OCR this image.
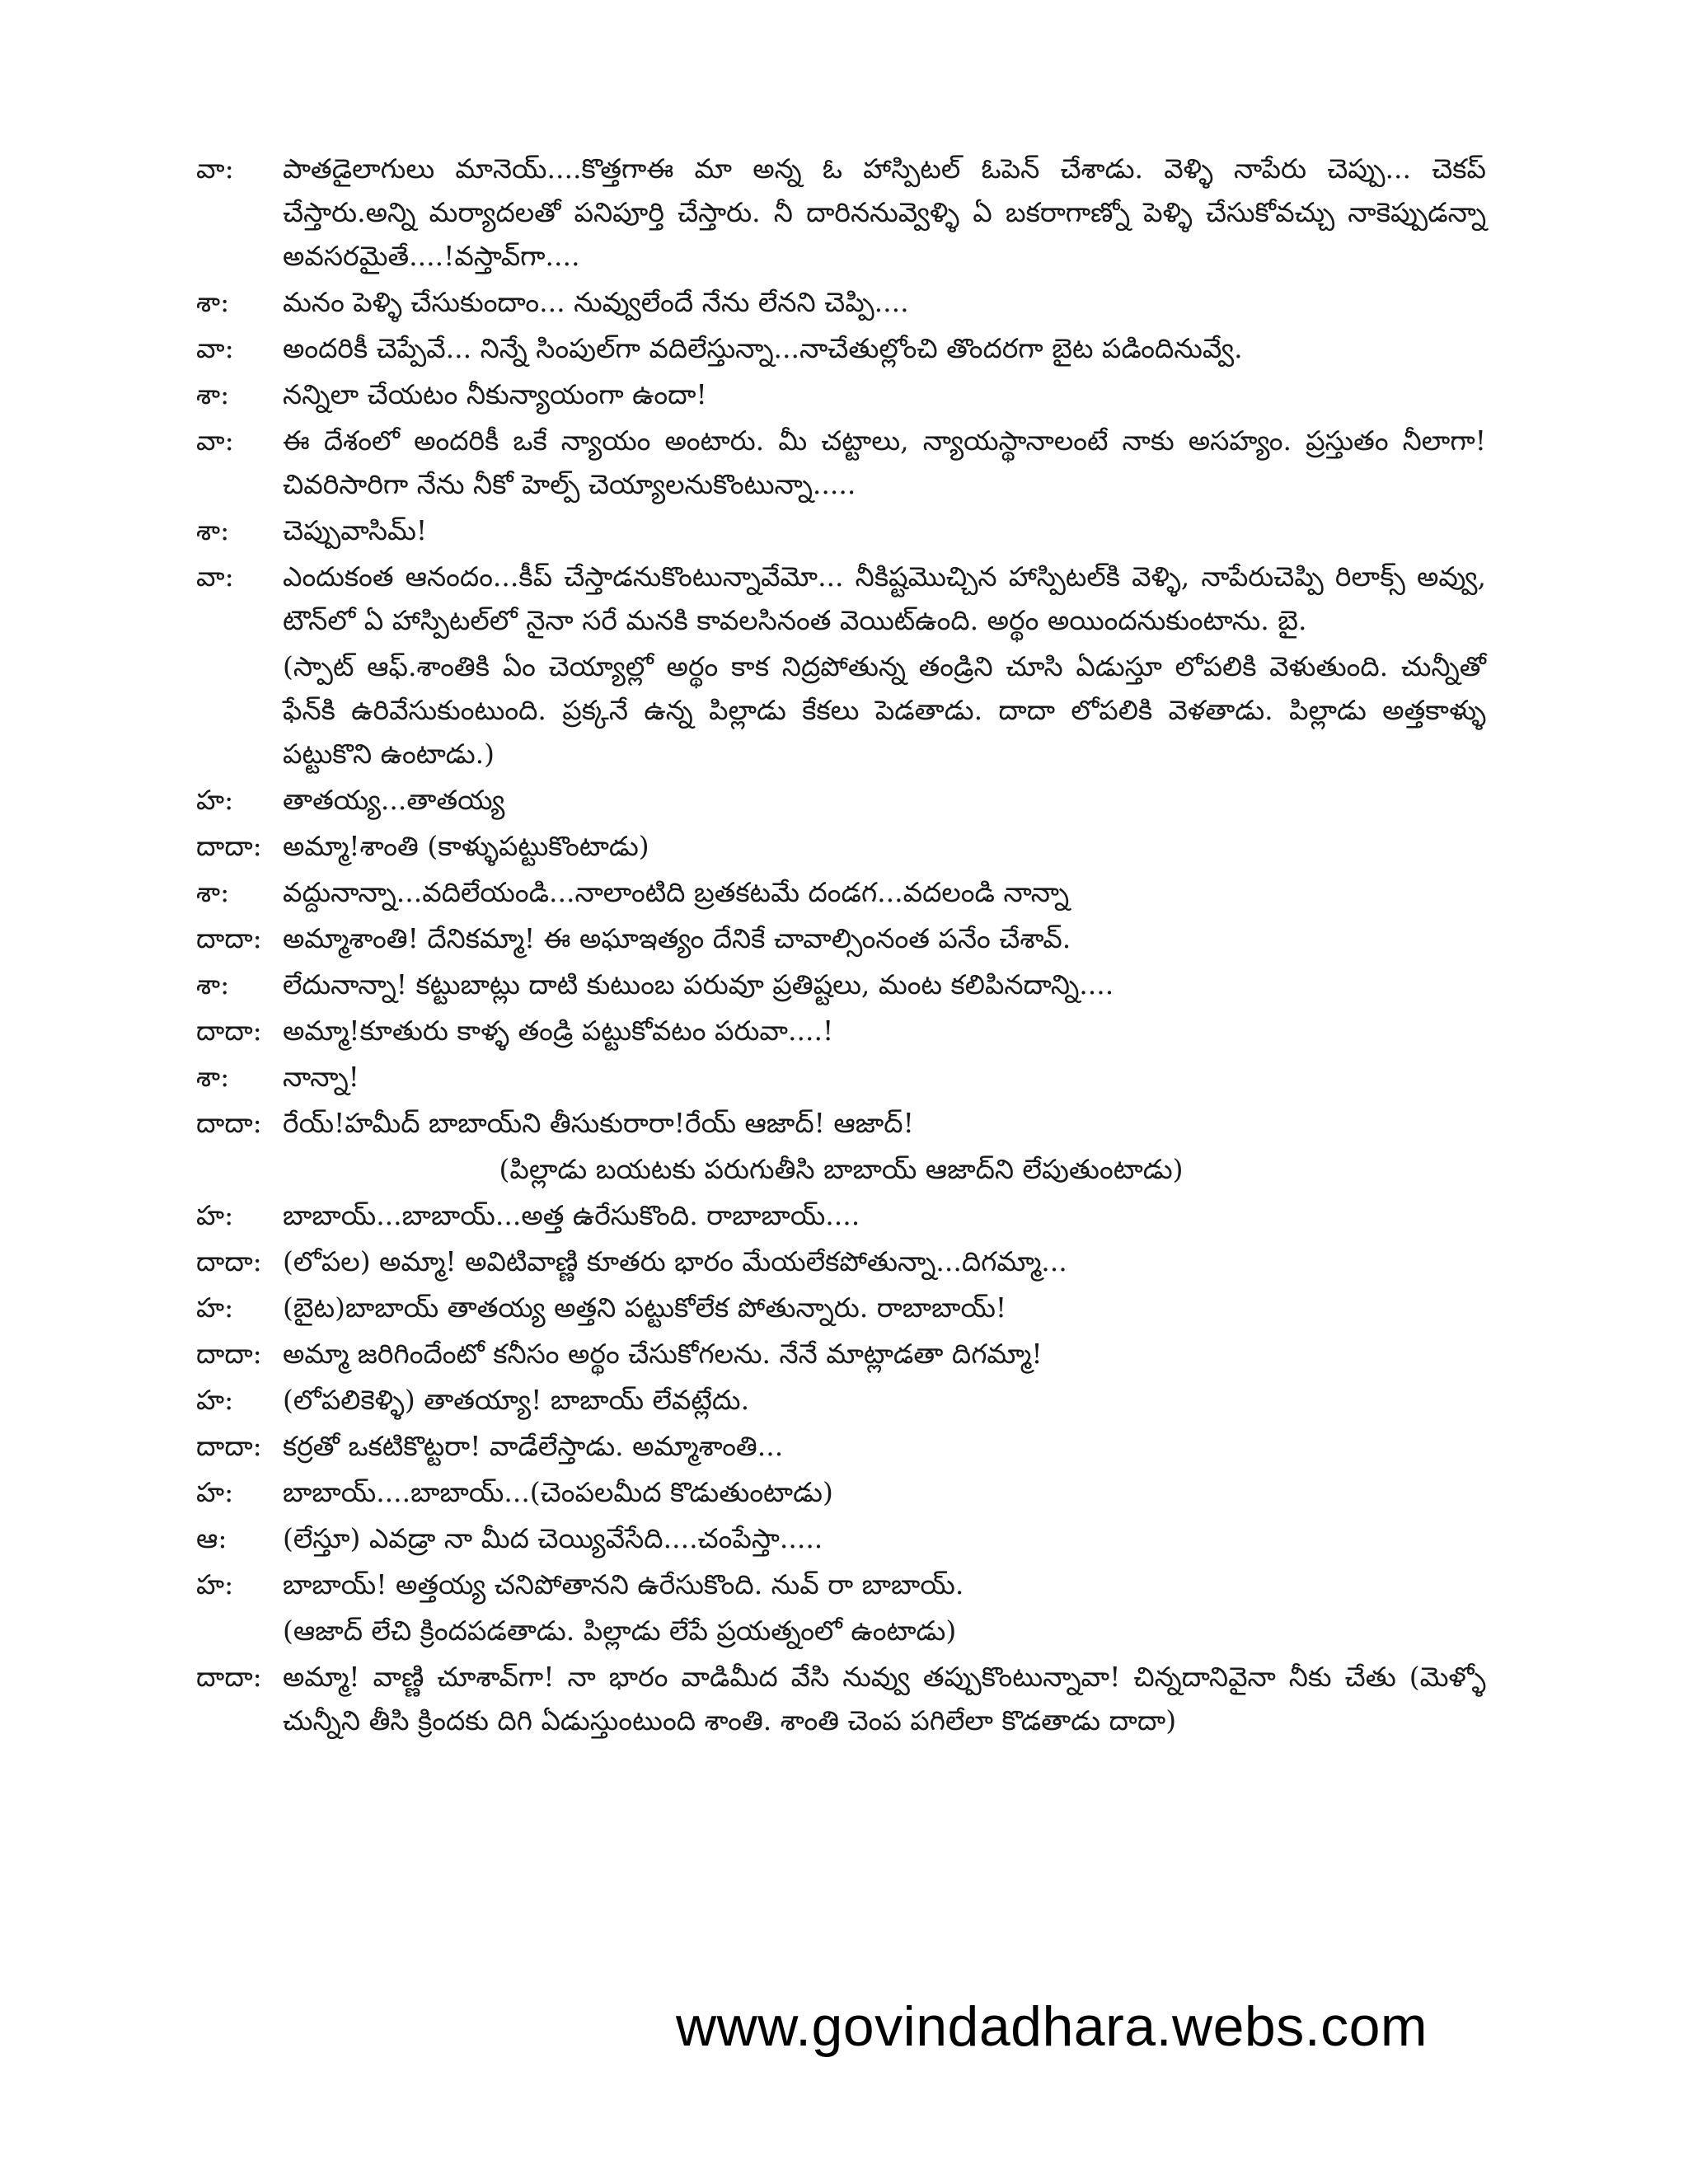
వా:	పాతడైలాగులు మానెయ్....కొత్తగాఈ మా అన్న ఓ హాస్పిటల్ ఓపెన్ చేశాడు. వెళ్ళి నాపేరు చెప్పు... చెకప్ చేస్తారు.అన్ని మర్యాదలతో పనిపూర్తి చేస్తారు. నీ దారిననువ్వెళ్ళి ఏ బకరాగాణ్నో పెళ్ళి చేసుకోవచ్చు నాకెప్పుడన్నా అవసరమైతే....!వస్తావ్‌గా....
శా:	మనం పెళ్ళి చేసుకుందాం... నువ్వులేందే నేను లేనని చెప్పి....
వా:	అందరికీ చెప్పేవే... నిన్నే సింపుల్‌గా వదిలేస్తున్నా...నాచేతుల్లోంచి తొందరగా బైట పడిందినువ్వే.
శా:	నన్నిలా చేయటం నీకున్యాయంగా ఉందా!
వా:	ఈ దేశంలో అందరికీ ఒకే న్యాయం అంటారు. మీ చట్టాలు, న్యాయస్థానాలంటే నాకు అసహ్యం. ప్రస్తుతం నీలాగా! చివరిసారిగా నేను నీకో హెల్ప్ చెయ్యాలనుకొంటున్నా.....
శా:	చెప్పువాసిమ్!
వా:	ఎందుకంత ఆనందం...కీప్ చేస్తాడనుకొంటున్నావేమో... నీకిష్టమొచ్చిన హాస్పిటల్‌కి వెళ్ళి, నాపేరుచెప్పి రిలాక్స్ అవ్వు, టౌన్‌లో ఏ హాస్పిటల్‌లో నైనా సరే మనకి కావలసినంత వెయిట్‌ఉంది. అర్థం అయిందనుకుంటాను. బై.
(స్పాట్ ఆఫ్.శాంతికి ఏం చెయ్యాల్లో అర్థం కాక నిద్రపోతున్న తండ్రిని చూసి ఏడుస్తూ లోపలికి వెళుతుంది. చున్నీతో ఫేన్‌కి ఉరివేసుకుంటుంది. ప్రక్కనే ఉన్న పిల్లాడు కేకలు పెడతాడు. దాదా లోపలికి వెళతాడు. పిల్లాడు అత్తకాళ్ళు పట్టుకొని ఉంటాడు.)
హ:	తాతయ్య...తాతయ్య
దాదా: అమ్మా!శాంతి (కాళ్ళుపట్టుకొంటాడు)
శా:	వద్దునాన్నా...వదిలేయండి...నాలాంటిది బ్రతకటమే దండగ...వదలండి నాన్నా
దాదా: అమ్మాశాంతి! దేనికమ్మా! ఈ అఘాఇత్యం దేనికే చావాల్సింనంత పనేం చేశావ్.
శా:	లేదునాన్నా! కట్టుబాట్లు దాటి కుటుంబ పరువూ ప్రతిష్టలు, మంట కలిపినదాన్ని....
దాదా: అమ్మా!కూతురు కాళ్ళ తండ్రి పట్టుకోవటం పరువా....!
శా:	నాన్నా!
దాదా: రేయ్!హమీద్ బాబాయ్‌ని తీసుకురారా!రేయ్ ఆజాద్! ఆజాద్!
(పిల్లాడు బయటకు పరుగుతీసి బాబాయ్ ఆజాద్‌ని లేపుతుంటాడు)
హ:	బాబాయ్...బాబాయ్...అత్త ఉరేసుకొంది. రాబాబాయ్....
దాదా: (లోపల) అమ్మా! అవిటివాణ్ణి కూతరు భారం మేయలేకపోతున్నా...దిగమ్మా...
హ:	(బైట)బాబాయ్ తాతయ్య అత్తని పట్టుకోలేక పోతున్నారు. రాబాబాయ్!
దాదా: అమ్మా జరిగిందేంటో కనీసం అర్థం చేసుకోగలను. నేనే మాట్లాడతా దిగమ్మా!
హ:	(లోపలికెళ్ళి) తాతయ్యా! బాబాయ్ లేవట్లేదు.
దాదా: కర్రతో ఒకటికొట్టరా! వాడేలేస్తాడు. అమ్మాశాంతి...
హ:	బాబాయ్....బాబాయ్...(చెంపలమీద కొడుతుంటాడు)
ఆ:	(లేస్తూ) ఎవడ్రా నా మీద చెయ్యివేసేది....చంపేస్తా.....
హ:	బాబాయ్! అత్తయ్య చనిపోతానని ఉరేసుకొంది. నువ్ రా బాబాయ్.
(ఆజాద్ లేచి క్రిందపడతాడు. పిల్లాడు లేపే ప్రయత్నంలో ఉంటాడు)
దాదా: అమ్మా! వాణ్ణి చూశావ్‌గా! నా భారం వాడిమీద వేసి నువ్వు తప్పుకొంటున్నావా! చిన్నదానివైనా నీకు చేతు (మెళ్ళో చున్నీని తీసి క్రిందకు దిగి ఏడుస్తుంటుంది శాంతి. శాంతి చెంప పగిలేలా కొడతాడు దాదా)
www.govindadhara.webs.com
